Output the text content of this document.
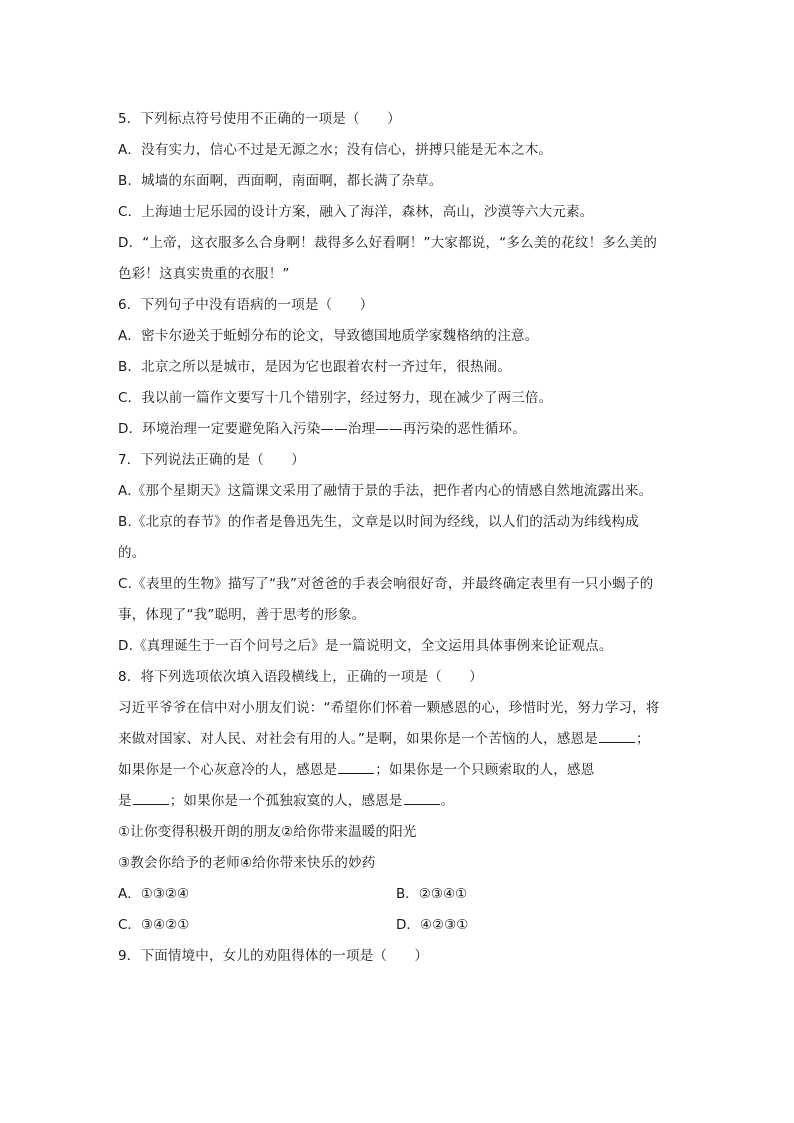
5．下列标点符号使用不正确的一项是（　　）
A．没有实力，信心不过是无源之水；没有信心，拼搏只能是无本之木。
B．城墙的东面啊，西面啊，南面啊，都长满了杂草。
C．上海迪士尼乐园的设计方案，融入了海洋，森林，高山，沙漠等六大元素。
D．“上帝，这衣服多么合身啊！裁得多么好看啊！”大家都说，“多么美的花纹！多么美的
色彩！这真实贵重的衣服！”
6．下列句子中没有语病的一项是（　　）
A．密卡尔逊关于蚯蚓分布的论文，导致德国地质学家魏格纳的注意。
B．北京之所以是城市，是因为它也跟着农村一齐过年，很热闹。
C．我以前一篇作文要写十几个错别字，经过努力，现在减少了两三倍。
D．环境治理一定要避免陷入污染——治理——再污染的恶性循环。
7．下列说法正确的是（　　）
A.《那个星期天》这篇课文采用了融情于景的手法，把作者内心的情感自然地流露出来。
B.《北京的春节》的作者是鲁迅先生，文章是以时间为经线，以人们的活动为纬线构成
的。
C.《表里的生物》描写了“我”对爸爸的手表会响很好奇，并最终确定表里有一只小蝎子的
事，体现了“我”聪明，善于思考的形象。
D.《真理诞生于一百个问号之后》是一篇说明文，全文运用具体事例来论证观点。
8．将下列选项依次填入语段横线上，正确的一项是（　　）
习近平爷爷在信中对小朋友们说：“希望你们怀着一颗感恩的心，珍惜时光，努力学习，将
来做对国家、对人民、对社会有用的人。”是啊，如果你是一个苦恼的人，感恩是	；
如果你是一个心灰意冷的人，感恩是	；如果你是一个只顾索取的人，感恩
是	；如果你是一个孤独寂寞的人，感恩是	。
①让你变得积极开朗的朋友②给你带来温暖的阳光
③教会你给予的老师④给你带来快乐的妙药
A．①③②④	B．②③④①
C．③④②①	D．④②③①
9．下面情境中，女儿的劝阻得体的一项是（　　）
